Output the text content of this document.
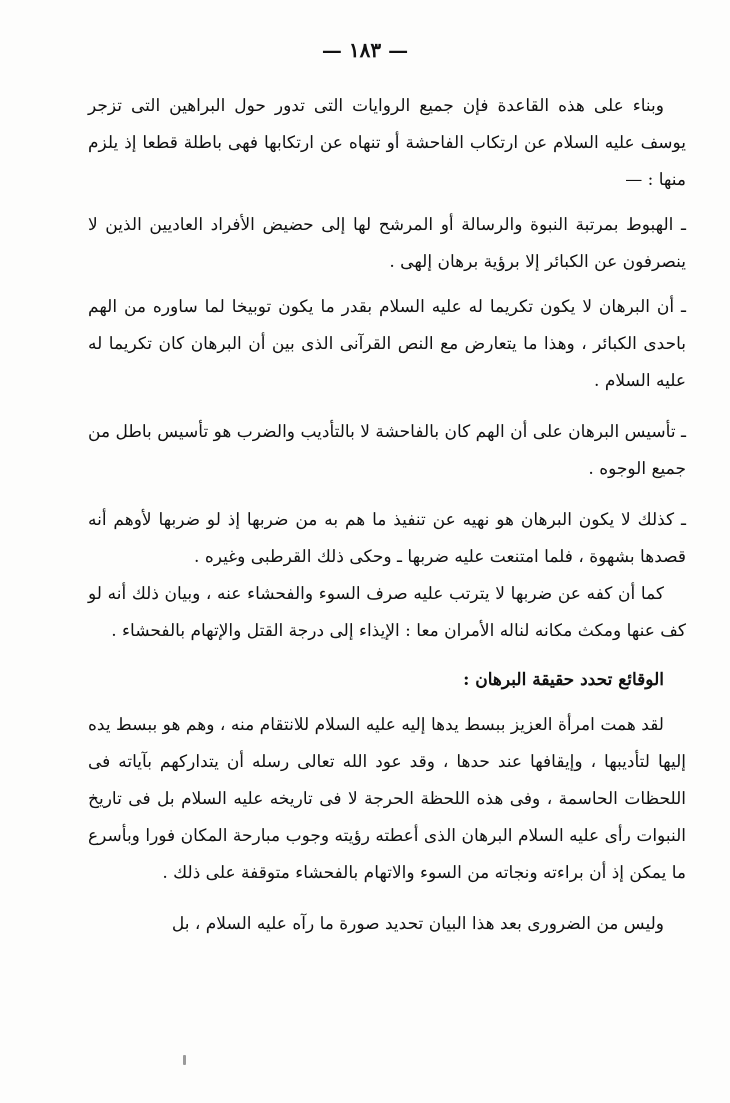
— ١٨٣ —

وبناء على هذه القاعدة فإن جميع الروايات التى تدور حول البراهين التى تزجر يوسف عليه السلام عن ارتكاب الفاحشة أو تنهاه عن ارتكابها فهى باطلة قطعا إذ يلزم منها : —

ـ الهبوط بمرتبة النبوة والرسالة أو المرشح لها إلى حضيض الأفراد العاديين الذين لا ينصرفون عن الكبائر إلا برؤية برهان إلهى .

ـ أن البرهان لا يكون تكريما له عليه السلام بقدر ما يكون توبيخا لما ساوره من الهم باحدى الكبائر ، وهذا ما يتعارض مع النص القرآنى الذى بين أن البرهان كان تكريما له عليه السلام .

ـ تأسيس البرهان على أن الهم كان بالفاحشة لا بالتأديب والضرب هو تأسيس باطل من جميع الوجوه .

ـ كذلك لا يكون البرهان هو نهيه عن تنفيذ ما هم به من ضربها إذ لو ضربها لأوهم أنه قصدها بشهوة ، فلما امتنعت عليه ضربها ـ وحكى ذلك القرطبى وغيره .

كما أن كفه عن ضربها لا يترتب عليه صرف السوء والفحشاء عنه ، وبيان ذلك أنه لو كف عنها ومكث مكانه لناله الأمران معا : الإيذاء إلى درجة القتل والإتهام بالفحشاء .

الوقائع تحدد حقيقة البرهان :

لقد همت امرأة العزيز ببسط يدها إليه عليه السلام للانتقام منه ، وهم هو ببسط يده إليها لتأديبها ، وإيقافها عند حدها ، وقد عود الله تعالى رسله أن يتداركهم بآياته فى اللحظات الحاسمة ، وفى هذه اللحظة الحرجة لا فى تاريخه عليه السلام بل فى تاريخ النبوات رأى عليه السلام البرهان الذى أعطته رؤيته وجوب مبارحة المكان فورا وبأسرع ما يمكن إذ أن براءته ونجاته من السوء والاتهام بالفحشاء متوقفة على ذلك .

وليس من الضرورى بعد هذا البيان تحديد صورة ما رآه عليه السلام ، بل
